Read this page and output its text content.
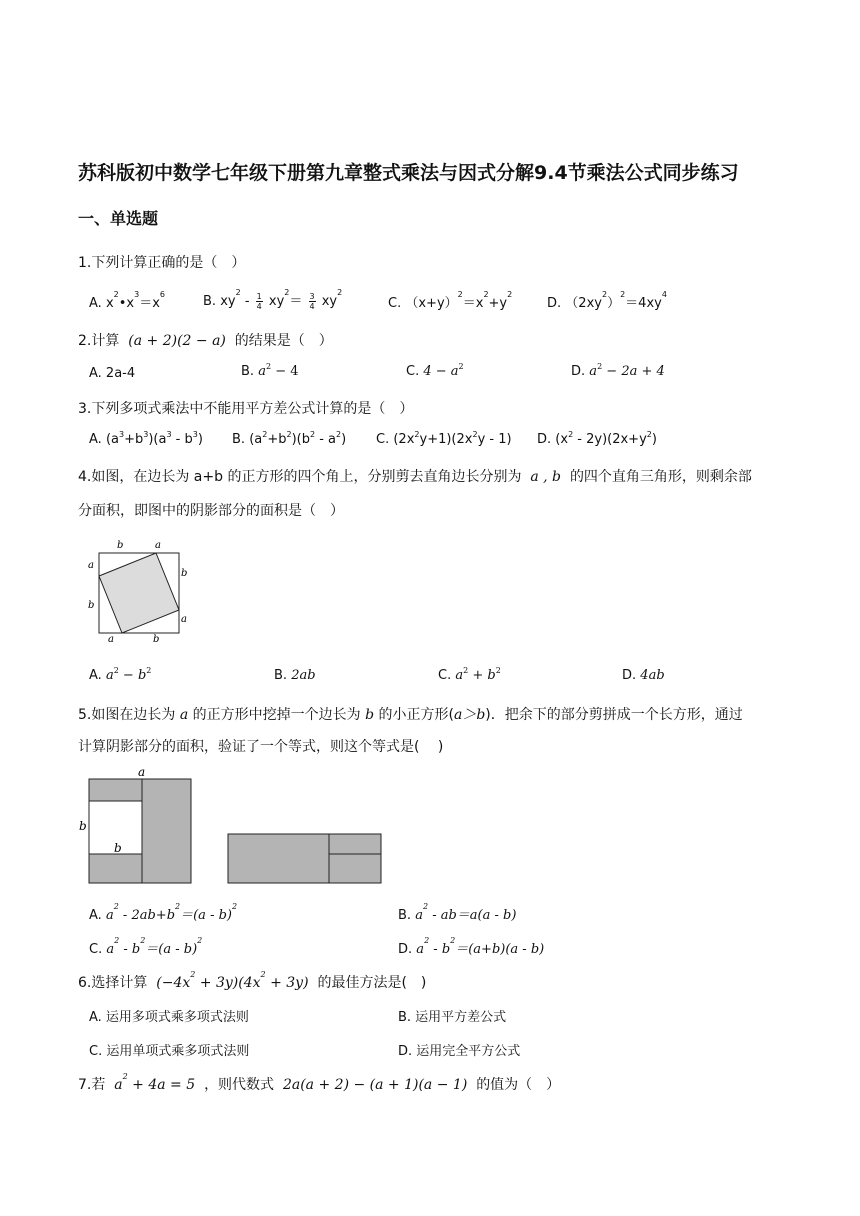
苏科版初中数学七年级下册第九章整式乘法与因式分解9.4节乘法公式同步练习
一、单选题
1.下列计算正确的是（　）
A. $x^2•x^3=x^6$	B. $xy^2 - \frac{1}{4} xy^2= \frac{3}{4} xy^2$
C. $(x+y)^2=x^2+y^2$
D. $(2xy^2)^2=4xy^4$
2.计算 (a + 2)(2 − a) 的结果是（　）
A. 2a-4	B. $a^2 - 4$	C. $4 - a^2$	D. $a^2 - 2a + 4$
3.下列多项式乘法中不能用平方差公式计算的是（　）
A. $(a^3+b^3)(a^3 - b^3)$ B. $(a^2+b^2)(b^2 - a^2)$ C. $(2x^2y+1)(2x^2y - 1)$ D. $(x^2 - 2y)(2x+y^2)$
4.如图，在边长为 a+b 的正方形的四个角上，分别剪去直角边长分别为 a , b 的四个直角三角形，则剩余部
分面积，即图中的阴影部分的面积是（　）
b	a
a
b
b
a
a	b
A. $a^2 - b^2$	B. 2ab	C. $a^2 + b^2$	D. 4ab
5.如图在边长为 a 的正方形中挖掉一个边长为 b 的小正方形(a＞b)．把余下的部分剪拼成一个长方形，通过
计算阴影部分的面积，验证了一个等式，则这个等式是(　 )
a
b
b
A. $a^2 - 2ab+b^2=(a - b)^2$
B. $a^2 - ab=a(a - b)$
C. $a^2 - b^2=(a - b)^2$
D. $a^2 - b^2=(a+b)(a - b)$
6.选择计算 $(-4x^2 + 3y)(4x^2 + 3y)$ 的最佳方法是(　)
A. 运用多项式乘多项式法则	B. 运用平方差公式
C. 运用单项式乘多项式法则	D. 运用完全平方公式
7.若 $a^2 + 4a = 5$ ，则代数式 2a(a + 2) − (a + 1)(a − 1) 的值为（　）
